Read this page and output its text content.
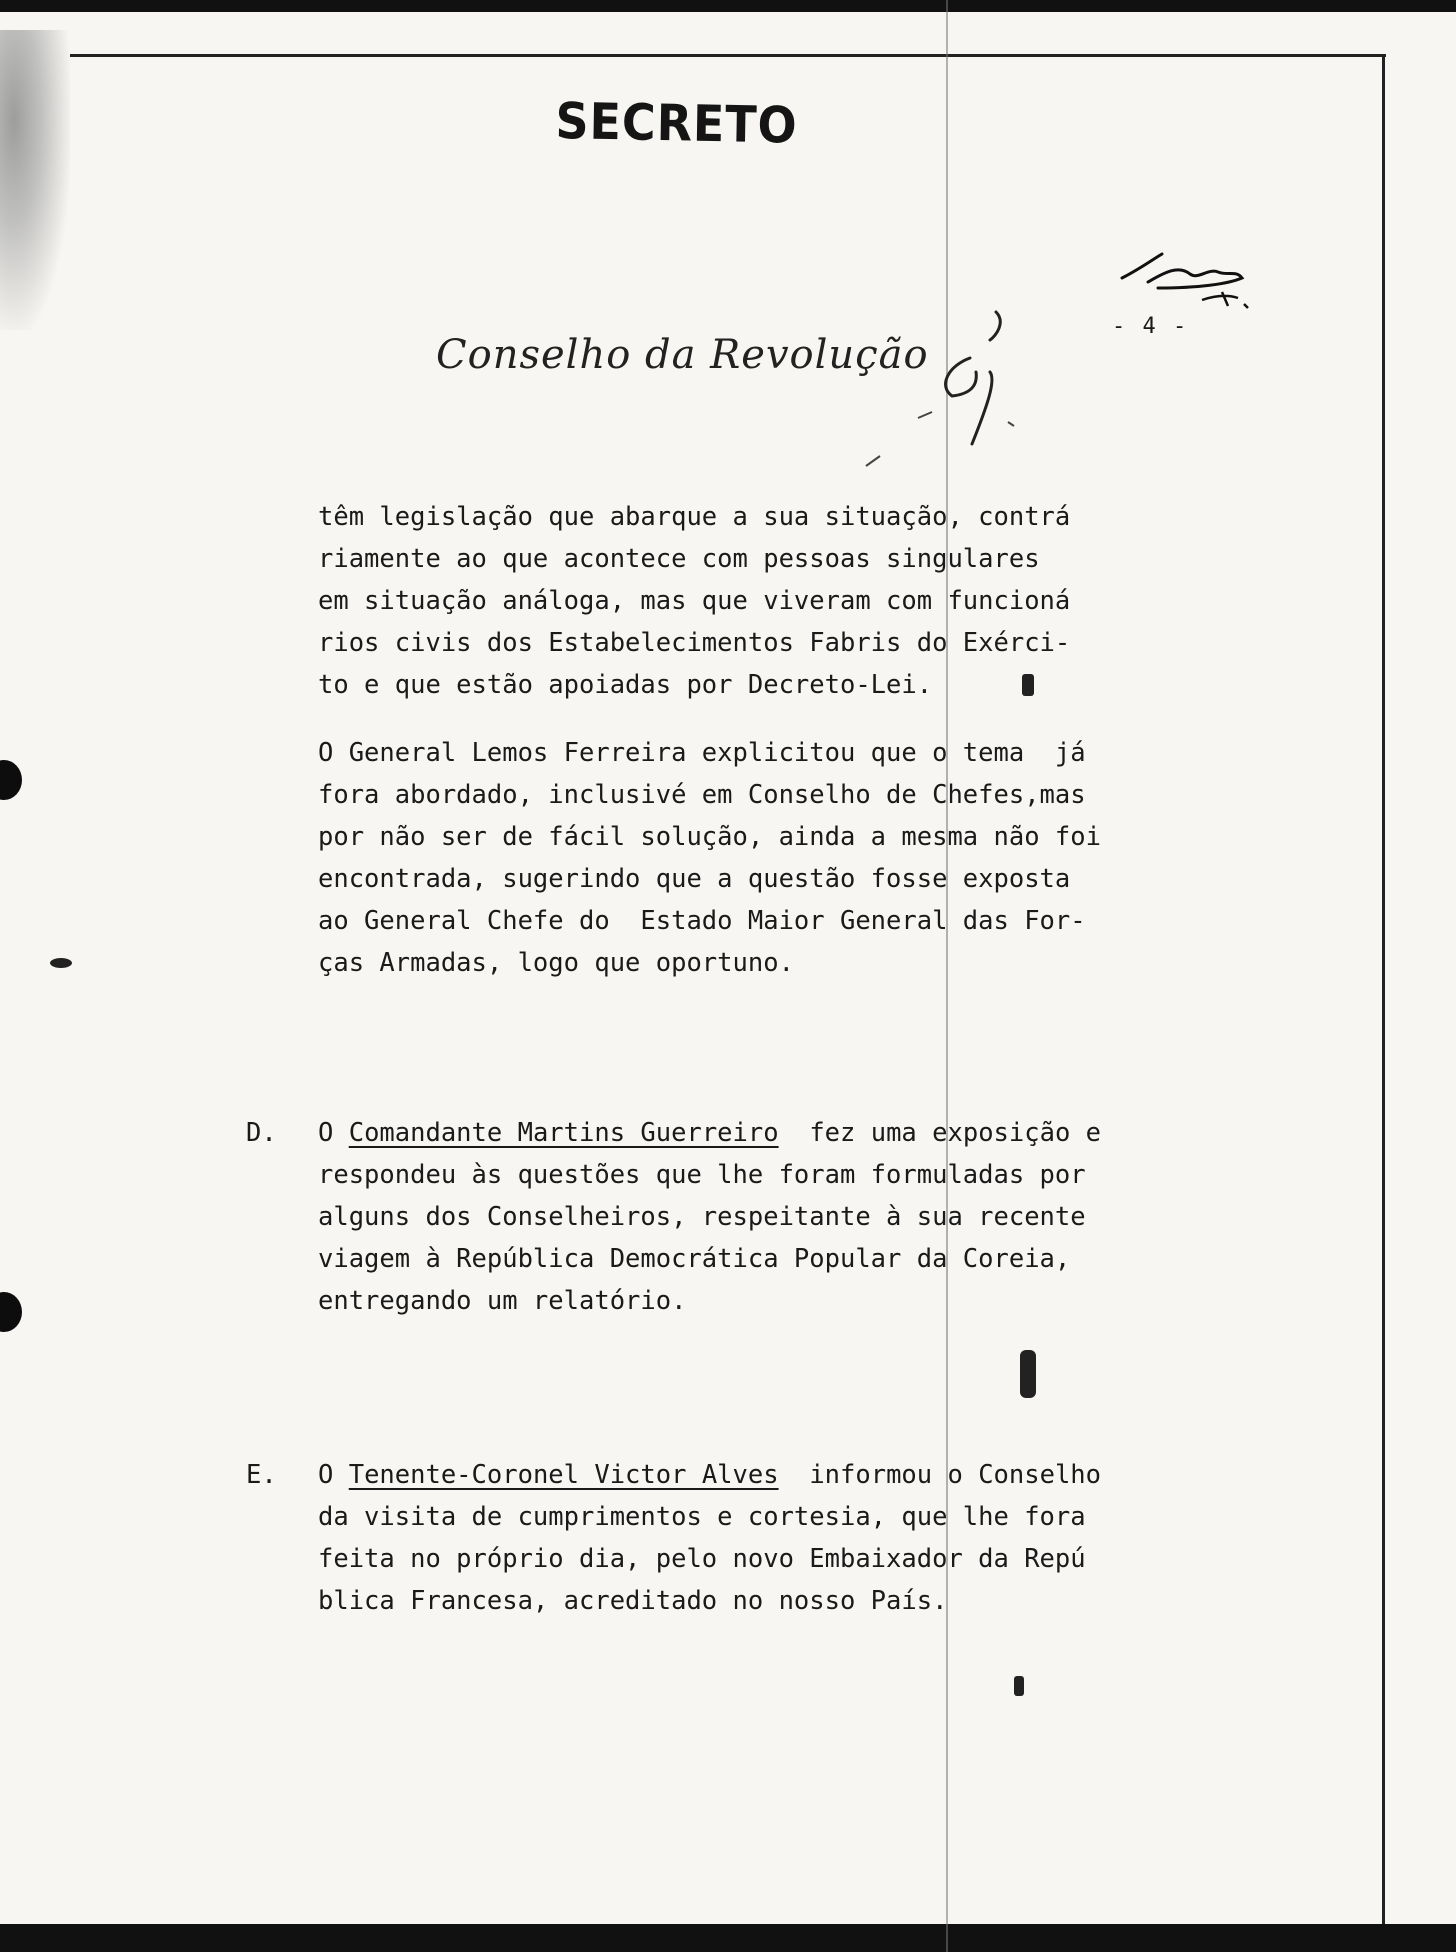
SECRETO
Conselho da Revolução
- 4 -
têm legislação que abarque a sua situação, contrá
riamente ao que acontece com pessoas singulares
em situação análoga, mas que viveram com funcioná
rios civis dos Estabelecimentos Fabris do Exérci-
to e que estão apoiadas por Decreto-Lei.
O General Lemos Ferreira explicitou que o tema  já
fora abordado, inclusivé em Conselho de Chefes,mas
por não ser de fácil solução, ainda a mesma não foi
encontrada, sugerindo que a questão fosse exposta
ao General Chefe do  Estado Maior General das For-
ças Armadas, logo que oportuno.
D. O Comandante Martins Guerreiro fez uma exposição e
respondeu às questões que lhe foram formuladas por
alguns dos Conselheiros, respeitante à sua recente
viagem à República Democrática Popular da Coreia,
entregando um relatório.
E. O Tenente-Coronel Victor Alves informou o Conselho
da visita de cumprimentos e cortesia, que lhe fora
feita no próprio dia, pelo novo Embaixador da Repú
blica Francesa, acreditado no nosso País.
